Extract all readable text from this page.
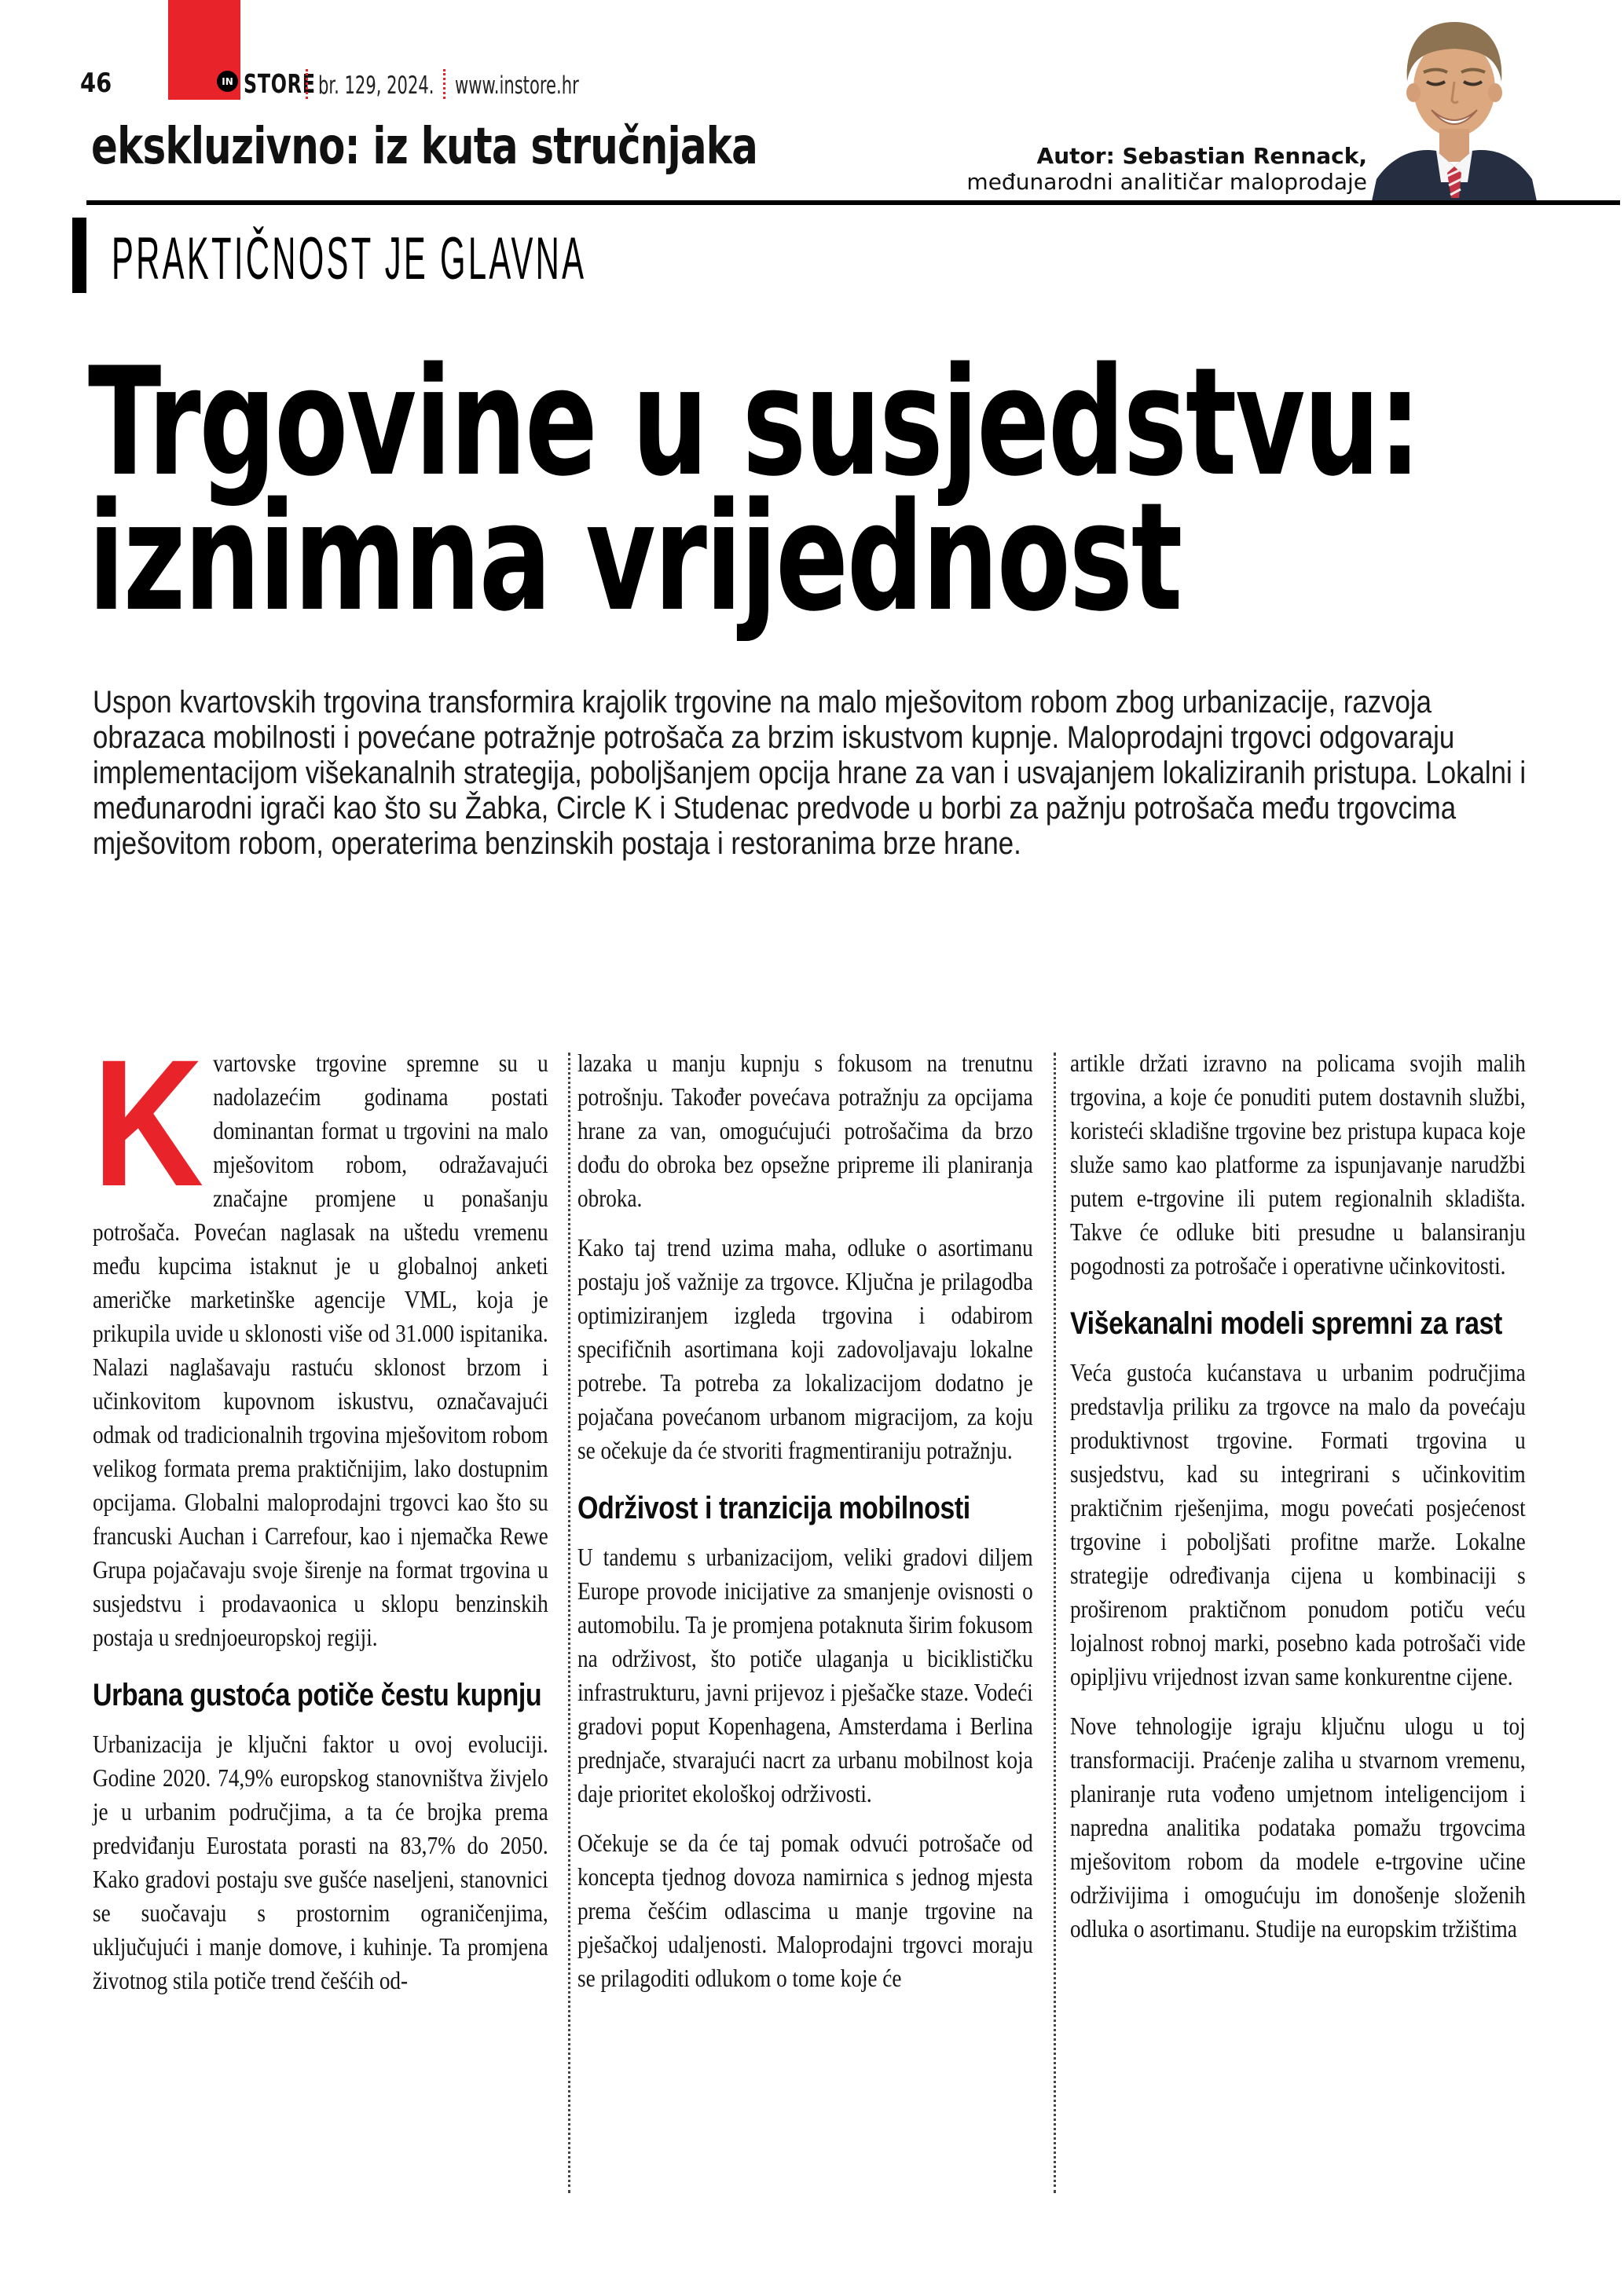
46	IN STORE br. 129, 2024. www.instore.hr
ekskluzivno: iz kuta stručnjaka	Autor: Sebastian Rennack,
međunarodni analitičar maloprodaje
PRAKTIČNOST JE GLAVNA
Trgovine u susjedstvu:
iznimna vrijednost
Uspon kvartovskih trgovina transformira krajolik trgovine na malo mješovitom robom zbog urbanizacije, razvoja obrazaca mobilnosti i povećane potražnje potrošača za brzim iskustvom kupnje. Maloprodajni trgovci odgovaraju implementacijom višekanalnih strategija, poboljšanjem opcija hrane za van i usvajanjem lokaliziranih pristupa. Lokalni i međunarodni igrači kao što su Žabka, Circle K i Studenac predvode u borbi za pažnju potrošača među trgovcima mješovitom robom, operaterima benzinskih postaja i restoranima brze hrane.

Kvartovske trgovine spremne su u nadolazećim godinama postati dominantan format u trgovini na malo mješovitom robom, odražavajući značajne promjene u ponašanju potrošača. Povećan naglasak na uštedu vremenu među kupcima istaknut je u globalnoj anketi američke marketinške agencije VML, koja je prikupila uvide u sklonosti više od 31.000 ispitanika. Nalazi naglašavaju rastuću sklonost brzom i učinkovitom kupovnom iskustvu, označavajući odmak od tradicionalnih trgovina mješovitom robom velikog formata prema praktičnijim, lako dostupnim opcijama. Globalni maloprodajni trgovci kao što su francuski Auchan i Carrefour, kao i njemačka Rewe Grupa pojačavaju svoje širenje na format trgovina u susjedstvu i prodavaonica u sklopu benzinskih postaja u srednjoeuropskoj regiji.

Urbana gustoća potiče čestu kupnju

Urbanizacija je ključni faktor u ovoj evoluciji. Godine 2020. 74,9% europskog stanovništva živjelo je u urbanim područjima, a ta će brojka prema predviđanju Eurostata porasti na 83,7% do 2050. Kako gradovi postaju sve gušće naseljeni, stanovnici se suočavaju s prostornim ograničenjima, uključujući i manje domove, i kuhinje. Ta promjena životnog stila potiče trend češćih od-

lazaka u manju kupnju s fokusom na trenutnu potrošnju. Također povećava potražnju za opcijama hrane za van, omogućujući potrošačima da brzo dođu do obroka bez opsežne pripreme ili planiranja obroka.

Kako taj trend uzima maha, odluke o asortimanu postaju još važnije za trgovce. Ključna je prilagodba optimiziranjem izgleda trgovina i odabirom specifičnih asortimana koji zadovoljavaju lokalne potrebe. Ta potreba za lokalizacijom dodatno je pojačana povećanom urbanom migracijom, za koju se očekuje da će stvoriti fragmentiraniju potražnju.

Održivost i tranzicija mobilnosti

U tandemu s urbanizacijom, veliki gradovi diljem Europe provode inicijative za smanjenje ovisnosti o automobilu. Ta je promjena potaknuta širim fokusom na održivost, što potiče ulaganja u biciklističku infrastrukturu, javni prijevoz i pješačke staze. Vodeći gradovi poput Kopenhagena, Amsterdama i Berlina prednjače, stvarajući nacrt za urbanu mobilnost koja daje prioritet ekološkoj održivosti.

Očekuje se da će taj pomak odvući potrošače od koncepta tjednog dovoza namirnica s jednog mjesta prema češćim odlascima u manje trgovine na pješačkoj udaljenosti. Maloprodajni trgovci moraju se prilagoditi odlukom o tome koje će

artikle držati izravno na policama svojih malih trgovina, a koje će ponuditi putem dostavnih službi, koristeći skladišne trgovine bez pristupa kupaca koje služe samo kao platforme za ispunjavanje narudžbi putem e-trgovine ili putem regionalnih skladišta. Takve će odluke biti presudne u balansiranju pogodnosti za potrošače i operativne učinkovitosti.

Višekanalni modeli spremni za rast

Veća gustoća kućanstava u urbanim područjima predstavlja priliku za trgovce na malo da povećaju produktivnost trgovine. Formati trgovina u susjedstvu, kad su integrirani s učinkovitim praktičnim rješenjima, mogu povećati posjećenost trgovine i poboljšati profitne marže. Lokalne strategije određivanja cijena u kombinaciji s proširenom praktičnom ponudom potiču veću lojalnost robnoj marki, posebno kada potrošači vide opipljivu vrijednost izvan same konkurentne cijene.

Nove tehnologije igraju ključnu ulogu u toj transformaciji. Praćenje zaliha u stvarnom vremenu, planiranje ruta vođeno umjetnom inteligencijom i napredna analitika podataka pomažu trgovcima mješovitom robom da modele e-trgovine učine održivijima i omogućuju im donošenje složenih odluka o asortimanu. Studije na europskim tržištima
